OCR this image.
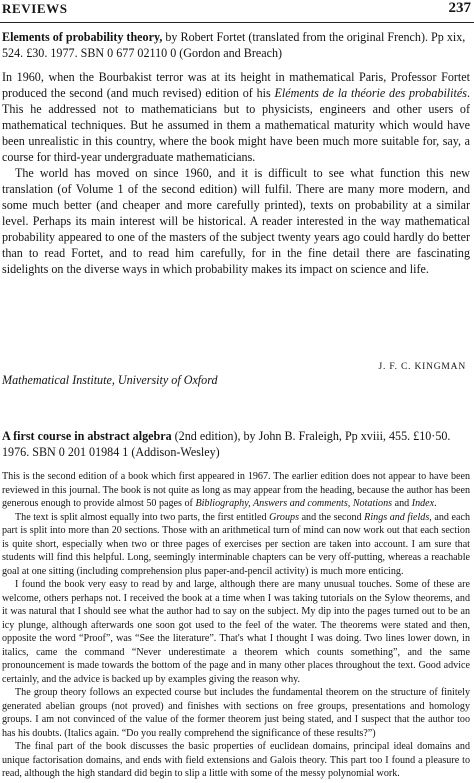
REVIEWS	237

Elements of probability theory, by Robert Fortet (translated from the original French). Pp xix, 524. £30. 1977. SBN 0 677 02110 0 (Gordon and Breach)

In 1960, when the Bourbakist terror was at its height in mathematical Paris, Professor Fortet produced the second (and much revised) edition of his Eléments de la théorie des probabilités. This he addressed not to mathematicians but to physicists, engineers and other users of mathematical techniques. But he assumed in them a mathematical maturity which would have been unrealistic in this country, where the book might have been much more suitable for, say, a course for third-year undergraduate mathematicians.

The world has moved on since 1960, and it is difficult to see what function this new translation (of Volume 1 of the second edition) will fulfil. There are many more modern, and some much better (and cheaper and more carefully printed), texts on probability at a similar level. Perhaps its main interest will be historical. A reader interested in the way mathematical probability appeared to one of the masters of the subject twenty years ago could hardly do better than to read Fortet, and to read him carefully, for in the fine detail there are fascinating sidelights on the diverse ways in which probability makes its impact on science and life.

J. F. C. KINGMAN
Mathematical Institute, University of Oxford

A first course in abstract algebra (2nd edition), by John B. Fraleigh, Pp xviii, 455. £10·50. 1976. SBN 0 201 01984 1 (Addison-Wesley)

This is the second edition of a book which first appeared in 1967. The earlier edition does not appear to have been reviewed in this journal. The book is not quite as long as may appear from the heading, because the author has been generous enough to provide almost 50 pages of Bibliography, Answers and comments, Notations and Index.

The text is split almost equally into two parts, the first entitled Groups and the second Rings and fields, and each part is split into more than 20 sections. Those with an arithmetical turn of mind can now work out that each section is quite short, especially when two or three pages of exercises per section are taken into account. I am sure that students will find this helpful. Long, seemingly interminable chapters can be very off-putting, whereas a reachable goal at one sitting (including comprehension plus paper-and-pencil activity) is much more enticing.

I found the book very easy to read by and large, although there are many unusual touches. Some of these are welcome, others perhaps not. I received the book at a time when I was taking tutorials on the Sylow theorems, and it was natural that I should see what the author had to say on the subject. My dip into the pages turned out to be an icy plunge, although afterwards one soon got used to the feel of the water. The theorems were stated and then, opposite the word “Proof”, was “See the literature”. That's what I thought I was doing. Two lines lower down, in italics, came the command “Never underestimate a theorem which counts something”, and the same pronouncement is made towards the bottom of the page and in many other places throughout the text. Good advice certainly, and the advice is backed up by examples giving the reason why.

The group theory follows an expected course but includes the fundamental theorem on the structure of finitely generated abelian groups (not proved) and finishes with sections on free groups, presentations and homology groups. I am not convinced of the value of the former theorem just being stated, and I suspect that the author too has his doubts. (Italics again. “Do you really comprehend the significance of these results?”)

The final part of the book discusses the basic properties of euclidean domains, principal ideal domains and unique factorisation domains, and ends with field extensions and Galois theory. This part too I found a pleasure to read, although the high standard did begin to slip a little with some of the messy polynomial work.
